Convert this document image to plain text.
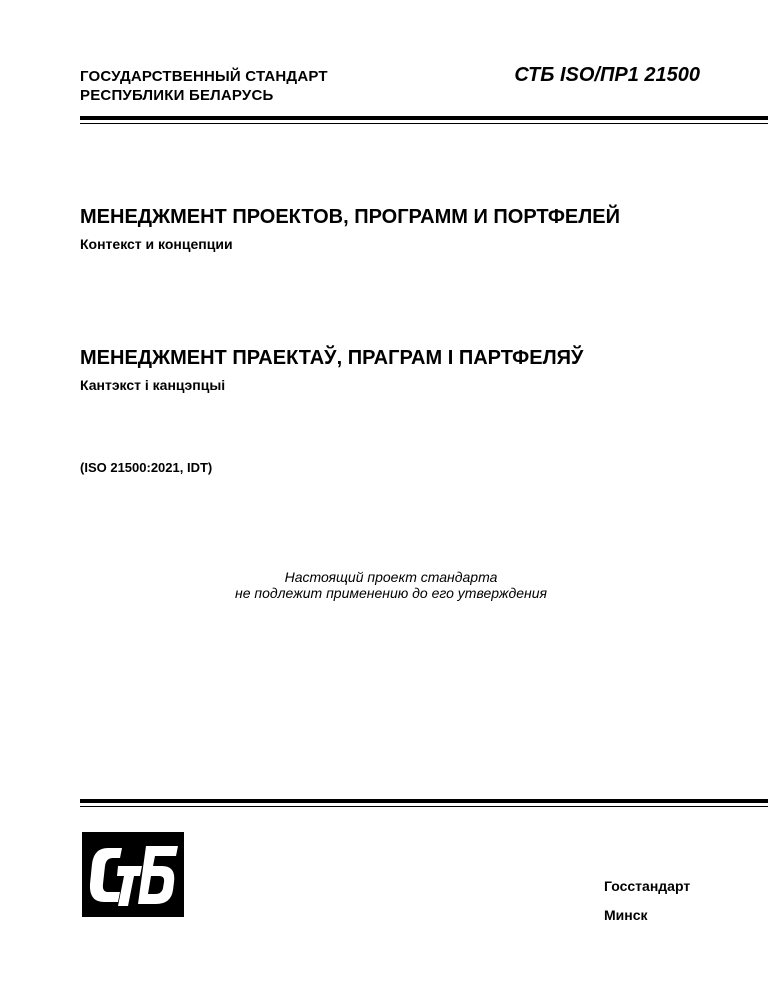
ГОСУДАРСТВЕННЫЙ СТАНДАРТ
РЕСПУБЛИКИ БЕЛАРУСЬ
СТБ ISO/ПР1 21500
МЕНЕДЖМЕНТ ПРОЕКТОВ, ПРОГРАММ И ПОРТФЕЛЕЙ
Контекст и концепции
МЕНЕДЖМЕНТ ПРАЕКТАЎ, ПРАГРАМ І ПАРТФЕЛЯЎ
Кантэкст і канцэпцыі
(ISO 21500:2021, IDT)
Настоящий проект стандарта
не подлежит применению до его утверждения
Госстандарт
Минск
